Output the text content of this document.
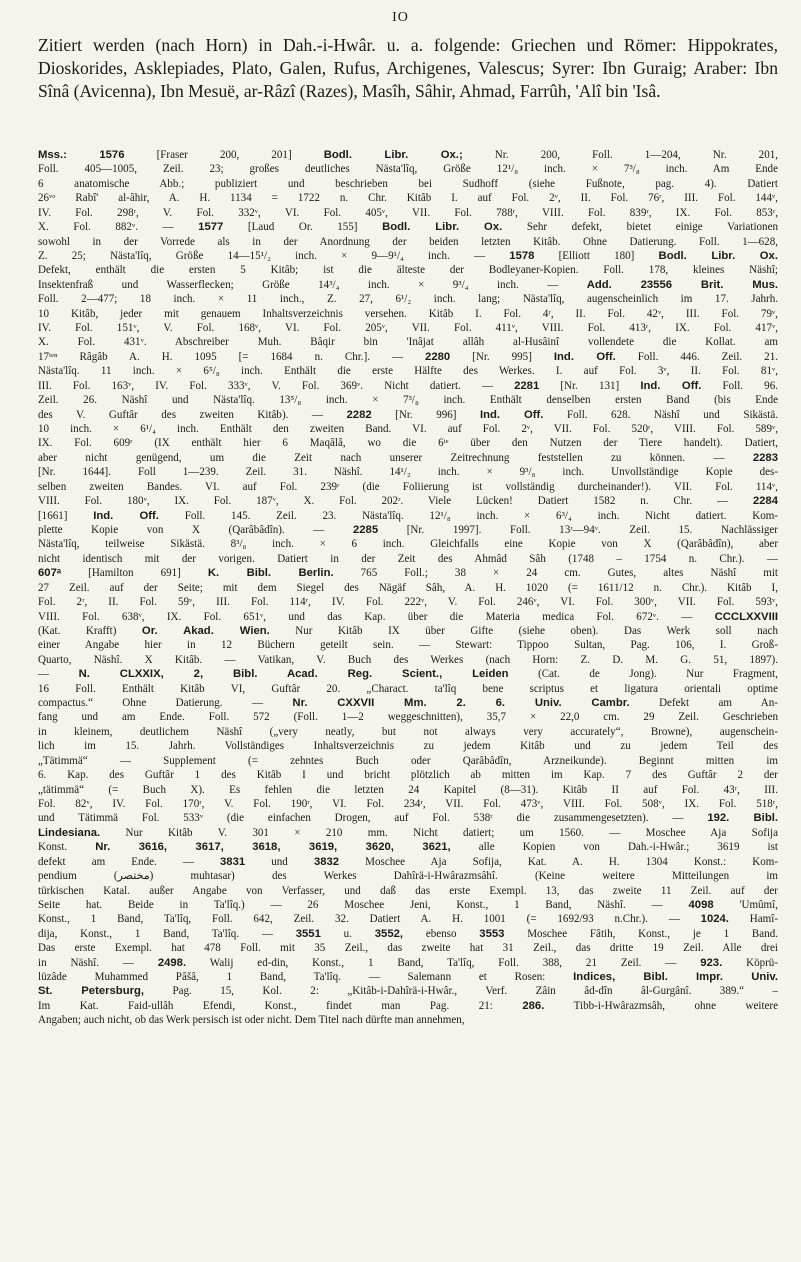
IO
Zitiert werden (nach Horn) in Dah.-i-Hwâr. u. a. folgende: Griechen und Römer: Hippokrates, Dioskorides, Asklepiades, Plato, Galen, Rufus, Archigenes, Valescus; Syrer: Ibn Guraig; Araber: Ibn Sînâ (Avicenna), Ibn Mesuë, ar-Râzî (Razes), Masîh, Sâhir, Ahmad, Farrûh, 'Alî bin 'Isâ.
Mss.: 1576 [Fraser 200, 201] Bodl. Libr. Ox.; Nr. 200, Foll. 1—204, Nr. 201,
Foll. 405—1005, Zeil. 23; großes deutliches Nästa'lîq, Größe 12¹/₈ inch. × 7³/₈ inch. Am Ende
6 anatomische Abb.; publiziert und beschrieben bei Sudhoff (siehe Fußnote, pag. 4). Datiert
26ᵛᵒ Rabî' al-âhir, A. H. 1134 = 1722 n. Chr. Kitâb I. auf Fol. 2ᵛ, II. Fol. 76ʳ, III. Fol. 144ᵛ,
IV. Fol. 298ʳ, V. Fol. 332ᵛ, VI. Fol. 405ᵛ, VII. Fol. 788ʳ, VIII. Fol. 839ʳ, IX. Fol. 853ʳ,
X. Fol. 882ᵛ. — 1577 [Laud Or. 155] Bodl. Libr. Ox. Sehr defekt, bietet einige Variationen
sowohl in der Vorrede als in der Anordnung der beiden letzten Kitâb. Ohne Datierung. Foll. 1—628,
Z. 25; Nästa'lîq, Größe 14—15¹/₂ inch. × 9—9¹/₄ inch. — 1578 [Elliott 180] Bodl. Libr. Ox.
Defekt, enthält die ersten 5 Kitâb; ist die älteste der Bodleyaner-Kopien. Foll. 178, kleines Näshî;
Insektenfraß und Wasserflecken; Größe 14³/₄ inch. × 9³/₄ inch. — Add. 23556 Brit. Mus.
Foll. 2—477; 18 inch. × 11 inch., Z. 27, 6¹/₂ inch. lang; Nästa'lîq, augenscheinlich im 17. Jahrh.
10 Kitâb, jeder mit genauem Inhaltsverzeichnis versehen. Kitâb I. Fol. 4ʳ, II. Fol. 42ᵛ, III. Fol. 79ᵛ,
IV. Fol. 151ᵛ, V. Fol. 168ᵛ, VI. Fol. 205ᵛ, VII. Fol. 411ᵛ, VIII. Fol. 413ʳ, IX. Fol. 417ᵛ,
X. Fol. 431ᵛ. Abschreiber Muh. Bâqir bin 'Inâjat allâh al-Husâinî vollendete die Kollat. am
17ᵗᵉⁿ Râgâb A. H. 1095 [= 1684 n. Chr.]. — 2280 [Nr. 995] Ind. Off. Foll. 446. Zeil. 21.
Nästa'lîq. 11 inch. × 6⁵/₈ inch. Enthält die erste Hälfte des Werkes. I. auf Fol. 3ᵛ, II. Fol. 81ᵛ,
III. Fol. 163ᵛ, IV. Fol. 333ᵛ, V. Fol. 369ᵛ. Nicht datiert. — 2281 [Nr. 131] Ind. Off. Foll. 96.
Zeil. 26. Näshî und Nästa'lîq. 13⁵/₈ inch. × 7³/₈ inch. Enthält denselben ersten Band (bis Ende
des V. Guftâr des zweiten Kitâb). — 2282 [Nr. 996] Ind. Off. Foll. 628. Näshî und Sikästä.
10 inch. × 6¹/₄ inch. Enthält den zweiten Band. VI. auf Fol. 2ᵛ, VII. Fol. 520ʳ, VIII. Fol. 589ᵛ,
IX. Fol. 609ʳ (IX enthält hier 6 Maqâlâ, wo die 6ᵗᵉ über den Nutzen der Tiere handelt). Datiert,
aber nicht genügend, um die Zeit nach unserer Zeitrechnung feststellen zu können. — 2283
[Nr. 1644]. Foll 1—239. Zeil. 31. Näshî. 14¹/₂ inch. × 9³/₈ inch. Unvollständige Kopie des-
selben zweiten Bandes. VI. auf Fol. 239ʳ (die Foliierung ist vollständig durcheinander!). VII. Fol. 114ᵛ,
VIII. Fol. 180ᵛ, IX. Fol. 187ᵛ, X. Fol. 202ʳ. Viele Lücken! Datiert 1582 n. Chr. — 2284
[1661] Ind. Off. Foll. 145. Zeil. 23. Nästa'lîq. 12¹/₈ inch. × 6³/₄ inch. Nicht datiert. Kom-
plette Kopie von X (Qarâbâdîn). — 2285 [Nr. 1997]. Foll. 13ʳ—94ᵛ. Zeil. 15. Nachlässiger
Nästa'lîq, teilweise Sikästä. 8³/₈ inch. × 6 inch. Gleichfalls eine Kopie von X (Qarâbâdîn), aber
nicht identisch mit der vorigen. Datiert in der Zeit des Ahmâd Sâh (1748 – 1754 n. Chr.). —
607ᵃ [Hamilton 691] K. Bibl. Berlin. 765 Foll.; 38 × 24 cm. Gutes, altes Näshî mit
27 Zeil. auf der Seite; mit dem Siegel des Nägäf Sâh, A. H. 1020 (= 1611/12 n. Chr.). Kitâb I,
Fol. 2ʳ, II. Fol. 59ᵛ, III. Fol. 114ʳ, IV. Fol. 222ᵛ, V. Fol. 246ᵛ, VI. Fol. 300ᵛ, VII. Fol. 593ᵛ,
VIII. Fol. 638ᵛ, IX. Fol. 651ᵛ, und das Kap. über die Materia medica Fol. 672ᵛ. — CCCLXXVIII
(Kat. Krafft) Or. Akad. Wien. Nur Kitâb IX über Gifte (siehe oben). Das Werk soll nach
einer Angabe hier in 12 Büchern geteilt sein. — Stewart: Tippoo Sultan, Pag. 106, I. Groß-
Quarto, Näshî. X Kitâb. — Vatikan, V. Buch des Werkes (nach Horn: Z. D. M. G. 51, 1897).
— N. CLXXIX, 2, Bibl. Acad. Reg. Scient., Leiden (Cat. de Jong). Nur Fragment,
16 Foll. Enthält Kitâb VI, Guftâr 20. „Charact. ta'lîq bene scriptus et ligatura orientali optime
compactus.“ Ohne Datierung. — Nr. CXXVII Mm. 2. 6. Univ. Cambr. Defekt am An-
fang und am Ende. Foll. 572 (Foll. 1—2 weggeschnitten), 35,7 × 22,0 cm. 29 Zeil. Geschrieben
in kleinem, deutlichem Näshî („very neatly, but not always very accurately“, Browne), augenschein-
lich im 15. Jahrh. Vollständiges Inhaltsverzeichnis zu jedem Kitâb und zu jedem Teil des
„Tätimmä“ — Supplement (= zehntes Buch oder Qarâbâdîn, Arzneikunde). Beginnt mitten im
6. Kap. des Guftâr 1 des Kitâb I und bricht plötzlich ab mitten im Kap. 7 des Guftâr 2 der
„tätimmä“ (= Buch X). Es fehlen die letzten 24 Kapitel (8—31). Kitâb II auf Fol. 43ʳ, III.
Fol. 82ᵛ, IV. Fol. 170ʳ, V. Fol. 190ʳ, VI. Fol. 234ʳ, VII. Fol. 473ᵛ, VIII. Fol. 508ᵛ, IX. Fol. 518ʳ,
und Tätimmä Fol. 533ᵛ (die einfachen Drogen, auf Fol. 538ʳ die zusammengesetzten). — 192. Bibl.
Lindesiana. Nur Kitâb V. 301 × 210 mm. Nicht datiert; um 1560. — Moschee Aja Sofija
Konst. Nr. 3616, 3617, 3618, 3619, 3620, 3621, alle Kopien von Dah.-i-Hwâr.; 3619 ist
defekt am Ende. — 3831 und 3832 Moschee Aja Sofija, Kat. A. H. 1304 Konst.: Kom-
pendium (مختصر) muhtasar) des Werkes Dahîrä-i-Hwârazmsâhî. (Keine weitere Mitteilungen im
türkischen Katal. außer Angabe von Verfasser, und daß das erste Exempl. 13, das zweite 11 Zeil. auf der
Seite hat. Beide in Ta'lîq.) — 26 Moschee Jeni, Konst., 1 Band, Näshî. — 4098 'Umûmî,
Konst., 1 Band, Ta'lîq, Foll. 642, Zeil. 32. Datiert A. H. 1001 (= 1692/93 n.Chr.). — 1024. Hamî-
dija, Konst., 1 Band, Ta'lîq. — 3551 u. 3552, ebenso 3553 Moschee Fâtih, Konst., je 1 Band.
Das erste Exempl. hat 478 Foll. mit 35 Zeil., das zweite hat 31 Zeil., das dritte 19 Zeil. Alle drei
in Näshî. — 2498. Walij ed-din, Konst., 1 Band, Ta'lîq, Foll. 388, 21 Zeil. — 923. Köprü-
lüzâde Muhammed Pâšâ, 1 Band, Ta'lîq. — Salemann et Rosen: Indices, Bibl. Impr. Univ.
St. Petersburg, Pag. 15, Kol. 2: „Kitâb-i-Dahîrä-i-Hwâr., Verf. Zâin âd-dîn âl-Gurgânî. 389.“ –
Im Kat. Faid-ullâh Efendi, Konst., findet man Pag. 21: 286. Tibb-i-Hwârazmsâh, ohne weitere
Angaben; auch nicht, ob das Werk persisch ist oder nicht. Dem Titel nach dürfte man annehmen,
